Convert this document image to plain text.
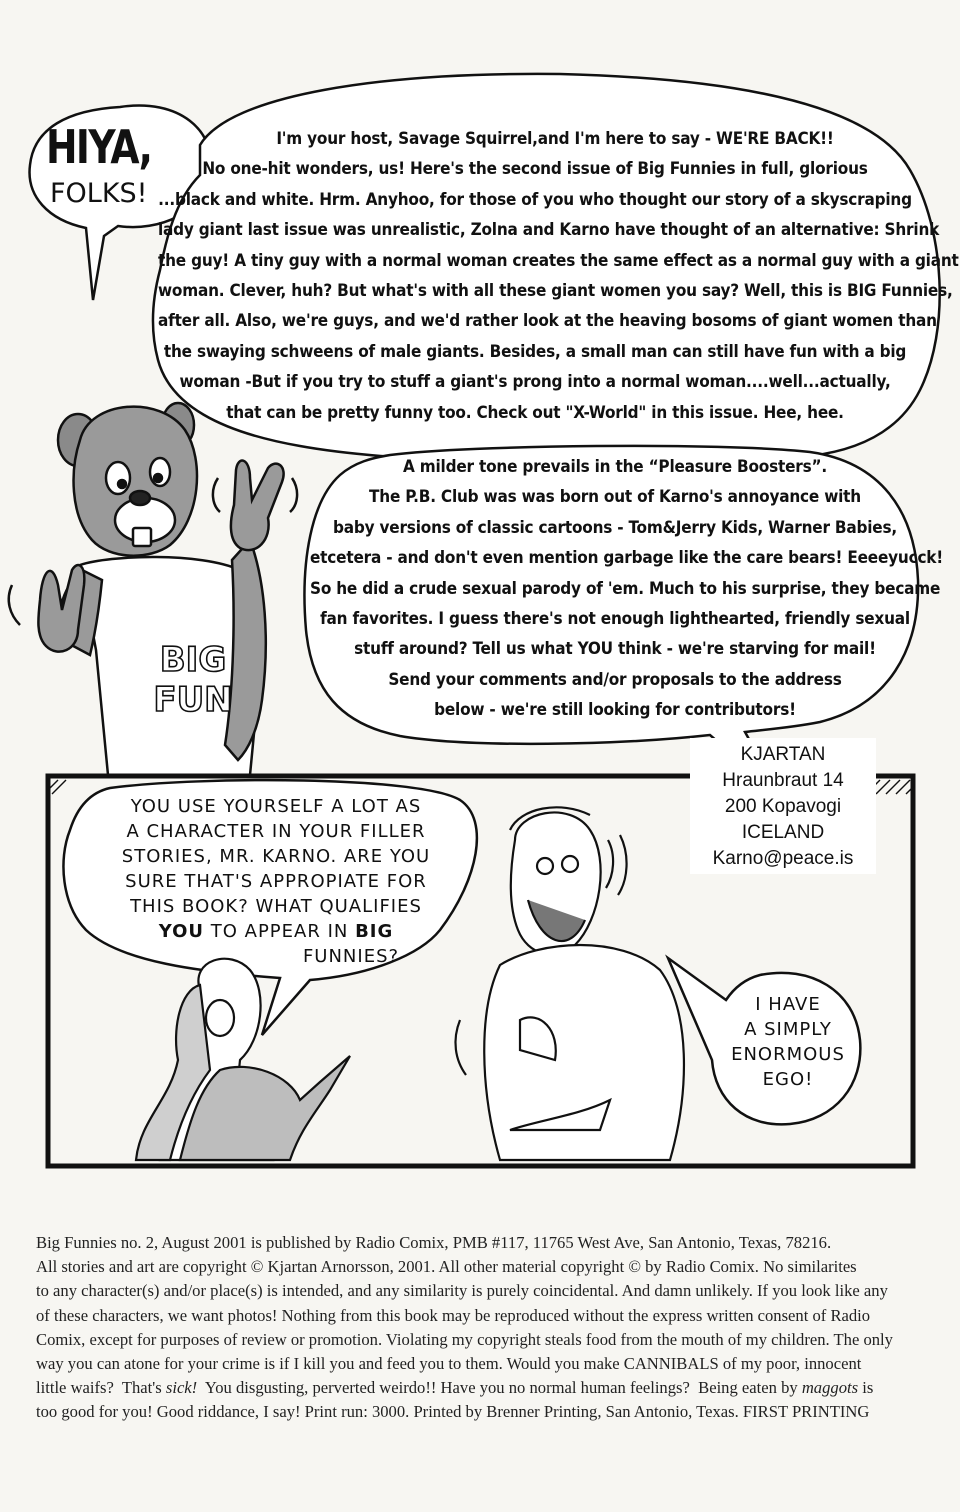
HIYA,
FOLKS!
I'm your host, Savage Squirrel,and I'm here to say - WE'RE BACK!!
No one-hit wonders, us! Here's the second issue of Big Funnies in full, glorious
...black and white. Hrm. Anyhoo, for those of you who thought our story of a skyscraping
lady giant last issue was unrealistic, Zolna and Karno have thought of an alternative: Shrink
the guy! A tiny guy with a normal woman creates the same effect as a normal guy with a giant
woman. Clever, huh? But what's with all these giant women you say? Well, this is BIG Funnies,
after all. Also, we're guys, and we'd rather look at the heaving bosoms of giant women than
the swaying schweens of male giants. Besides, a small man can still have fun with a big
woman -But if you try to stuff a giant's prong into a normal woman....well...actually,
that can be pretty funny too. Check out "X-World" in this issue. Hee, hee.
A milder tone prevails in the “Pleasure Boosters”.
The P.B. Club was was born out of Karno's annoyance with
baby versions of classic cartoons - Tom&Jerry Kids, Warner Babies,
etcetera - and don't even mention garbage like the care bears! Eeeeyucck!
So he did a crude sexual parody of 'em. Much to his surprise, they became
fan favorites. I guess there's not enough lighthearted, friendly sexual
stuff around? Tell us what YOU think - we're starving for mail!
Send your comments and/or proposals to the address
below - we're still looking for contributors!
BIG
FUN
KJARTAN
Hraunbraut 14
200 Kopavogi
ICELAND
Karno@peace.is
YOU USE YOURSELF A LOT AS
A CHARACTER IN YOUR FILLER
STORIES, MR. KARNO. ARE YOU
SURE THAT'S APPROPIATE FOR
THIS BOOK? WHAT QUALIFIES
YOU TO APPEAR IN BIG
FUNNIES?
I HAVE
A SIMPLY
ENORMOUS
EGO!
Big Funnies no. 2, August 2001 is published by Radio Comix, PMB #117, 11765 West Ave, San Antonio, Texas, 78216.
All stories and art are copyright © Kjartan Arnorsson, 2001. All other material copyright © by Radio Comix. No similarites
to any character(s) and/or place(s) is intended, and any similarity is purely coincidental. And damn unlikely. If you look like any
of these characters, we want photos! Nothing from this book may be reproduced without the express written consent of Radio
Comix, except for purposes of review or promotion. Violating my copyright steals food from the mouth of my children. The only
way you can atone for your crime is if I kill you and feed you to them. Would you make CANNIBALS of my poor, innocent
little waifs?  That's sick!  You disgusting, perverted weirdo!! Have you no normal human feelings?  Being eaten by maggots is
too good for you! Good riddance, I say! Print run: 3000. Printed by Brenner Printing, San Antonio, Texas. FIRST PRINTING
